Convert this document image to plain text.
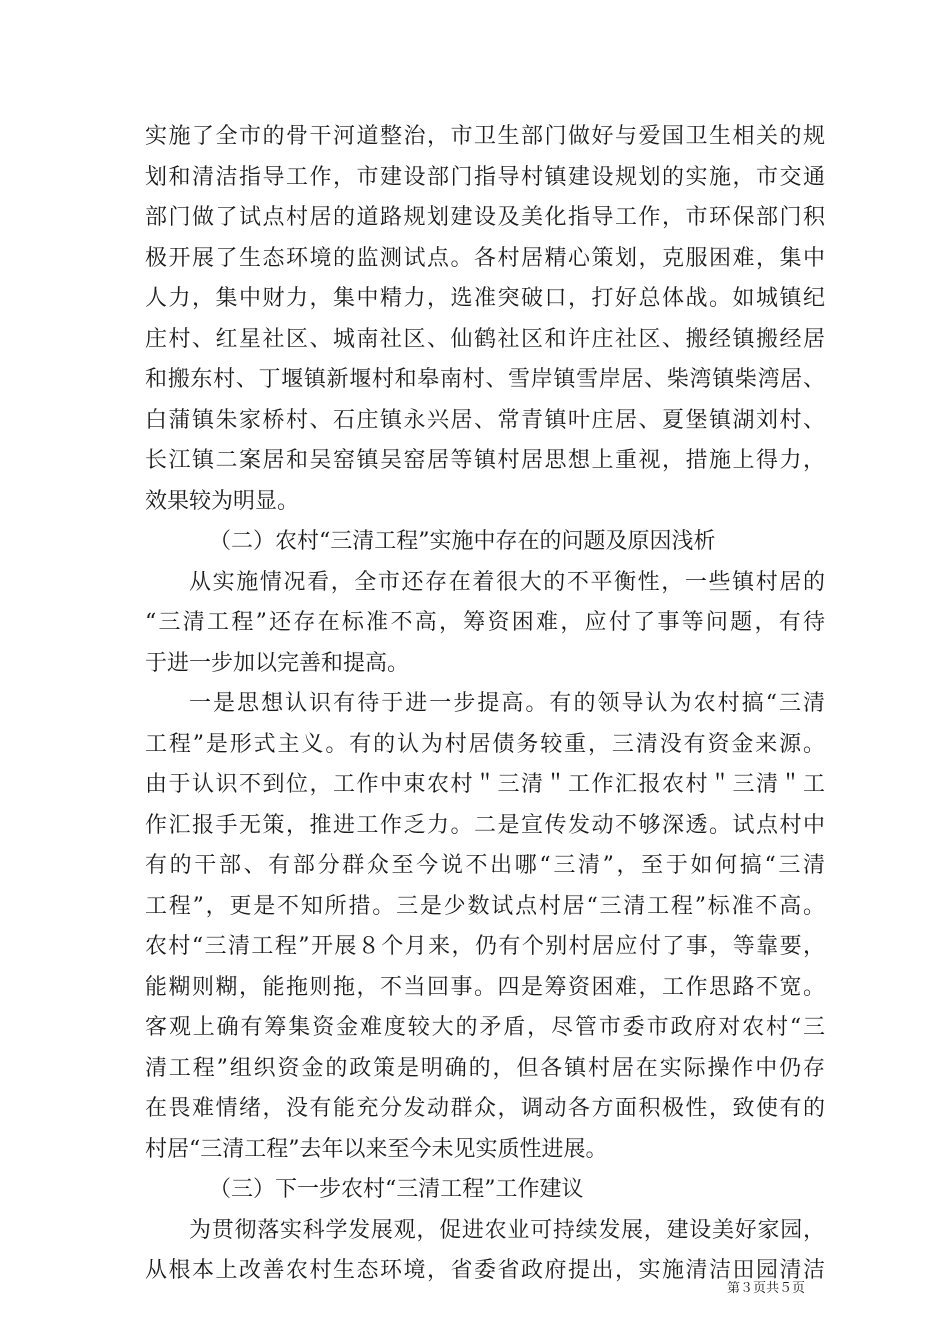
实施了全市的骨干河道整治，市卫生部门做好与爱国卫生相关的规
划和清洁指导工作，市建设部门指导村镇建设规划的实施，市交通
部门做了试点村居的道路规划建设及美化指导工作，市环保部门积
极开展了生态环境的监测试点。各村居精心策划，克服困难，集中
人力，集中财力，集中精力，选准突破口，打好总体战。如城镇纪
庄村、红星社区、城南社区、仙鹤社区和许庄社区、搬经镇搬经居
和搬东村、丁堰镇新堰村和皋南村、雪岸镇雪岸居、柴湾镇柴湾居、
白蒲镇朱家桥村、石庄镇永兴居、常青镇叶庄居、夏堡镇湖刘村、
长江镇二案居和吴窑镇吴窑居等镇村居思想上重视，措施上得力，
效果较为明显。
（二）农村“三清工程”实施中存在的问题及原因浅析
从实施情况看，全市还存在着很大的不平衡性，一些镇村居的
“三清工程”还存在标准不高，筹资困难，应付了事等问题，有待
于进一步加以完善和提高。
一是思想认识有待于进一步提高。有的领导认为农村搞“三清
工程”是形式主义。有的认为村居债务较重，三清没有资金来源。
由于认识不到位，工作中束农村＂三清＂工作汇报农村＂三清＂工
作汇报手无策，推进工作乏力。二是宣传发动不够深透。试点村中
有的干部、有部分群众至今说不出哪“三清”，至于如何搞“三清
工程”，更是不知所措。三是少数试点村居“三清工程”标准不高。
农村“三清工程”开展８个月来，仍有个别村居应付了事，等靠要，
能糊则糊，能拖则拖，不当回事。四是筹资困难，工作思路不宽。
客观上确有筹集资金难度较大的矛盾，尽管市委市政府对农村“三
清工程”组织资金的政策是明确的，但各镇村居在实际操作中仍存
在畏难情绪，没有能充分发动群众，调动各方面积极性，致使有的
村居“三清工程”去年以来至今未见实质性进展。
（三）下一步农村“三清工程”工作建议
为贯彻落实科学发展观，促进农业可持续发展，建设美好家园，
从根本上改善农村生态环境，省委省政府提出，实施清洁田园清洁
第３页共５页
